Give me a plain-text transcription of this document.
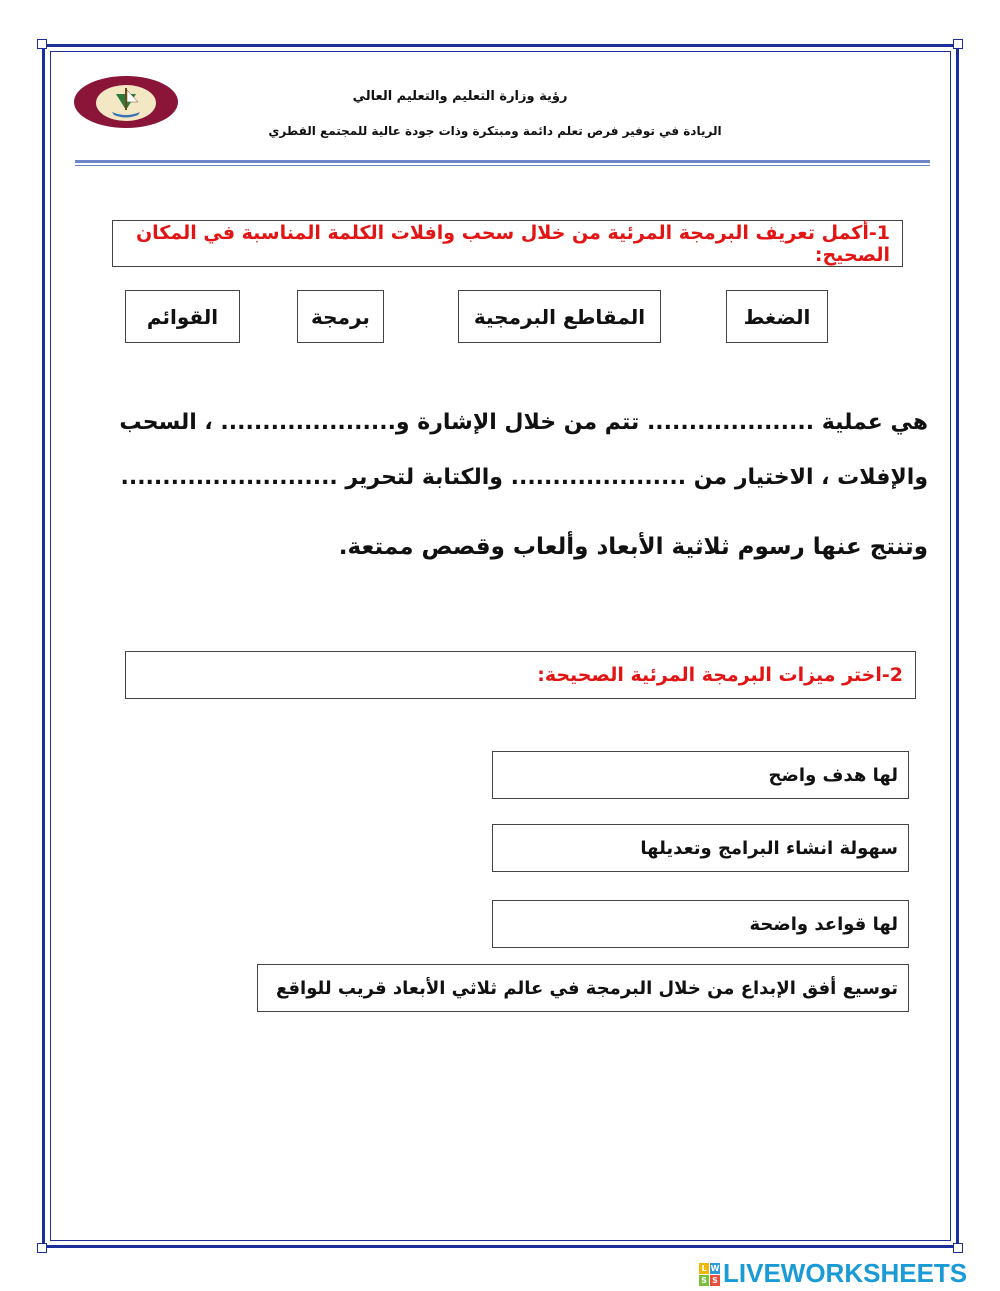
رؤية وزارة التعليم والتعليم العالي
الريادة في توفير فرص تعلم دائمة ومبتكرة وذات جودة عالية للمجتمع القطري
1-أكمل تعريف البرمجة المرئية من خلال سحب وافلات الكلمة المناسبة في المكان الصحيح:
الضغط
المقاطع البرمجية
برمجة
القوائم
هي عملية .................... تتم من خلال الإشارة و..................... ، السحب
والإفلات ، الاختيار من ..................... والكتابة لتحرير ..........................
وتنتج عنها رسوم ثلاثية الأبعاد وألعاب وقصص ممتعة.
2-اختر ميزات البرمجة المرئية الصحيحة:
لها هدف واضح
سهولة انشاء البرامج وتعديلها
لها قواعد واضحة
توسيع أفق الإبداع من خلال البرمجة في عالم ثلاثي الأبعاد قريب للواقع
L W
S S LIVEWORKSHEETS
